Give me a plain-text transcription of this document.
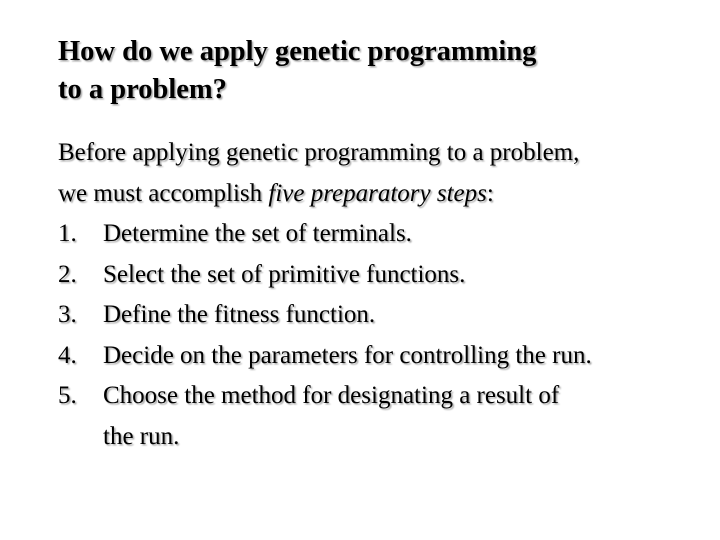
How do we apply genetic programming
to a problem?
Before applying genetic programming to a problem,
we must accomplish five preparatory steps:
1. Determine the set of terminals.
2. Select the set of primitive functions.
3. Define the fitness function.
4. Decide on the parameters for controlling the run.
5. Choose the method for designating a result of
the run.
